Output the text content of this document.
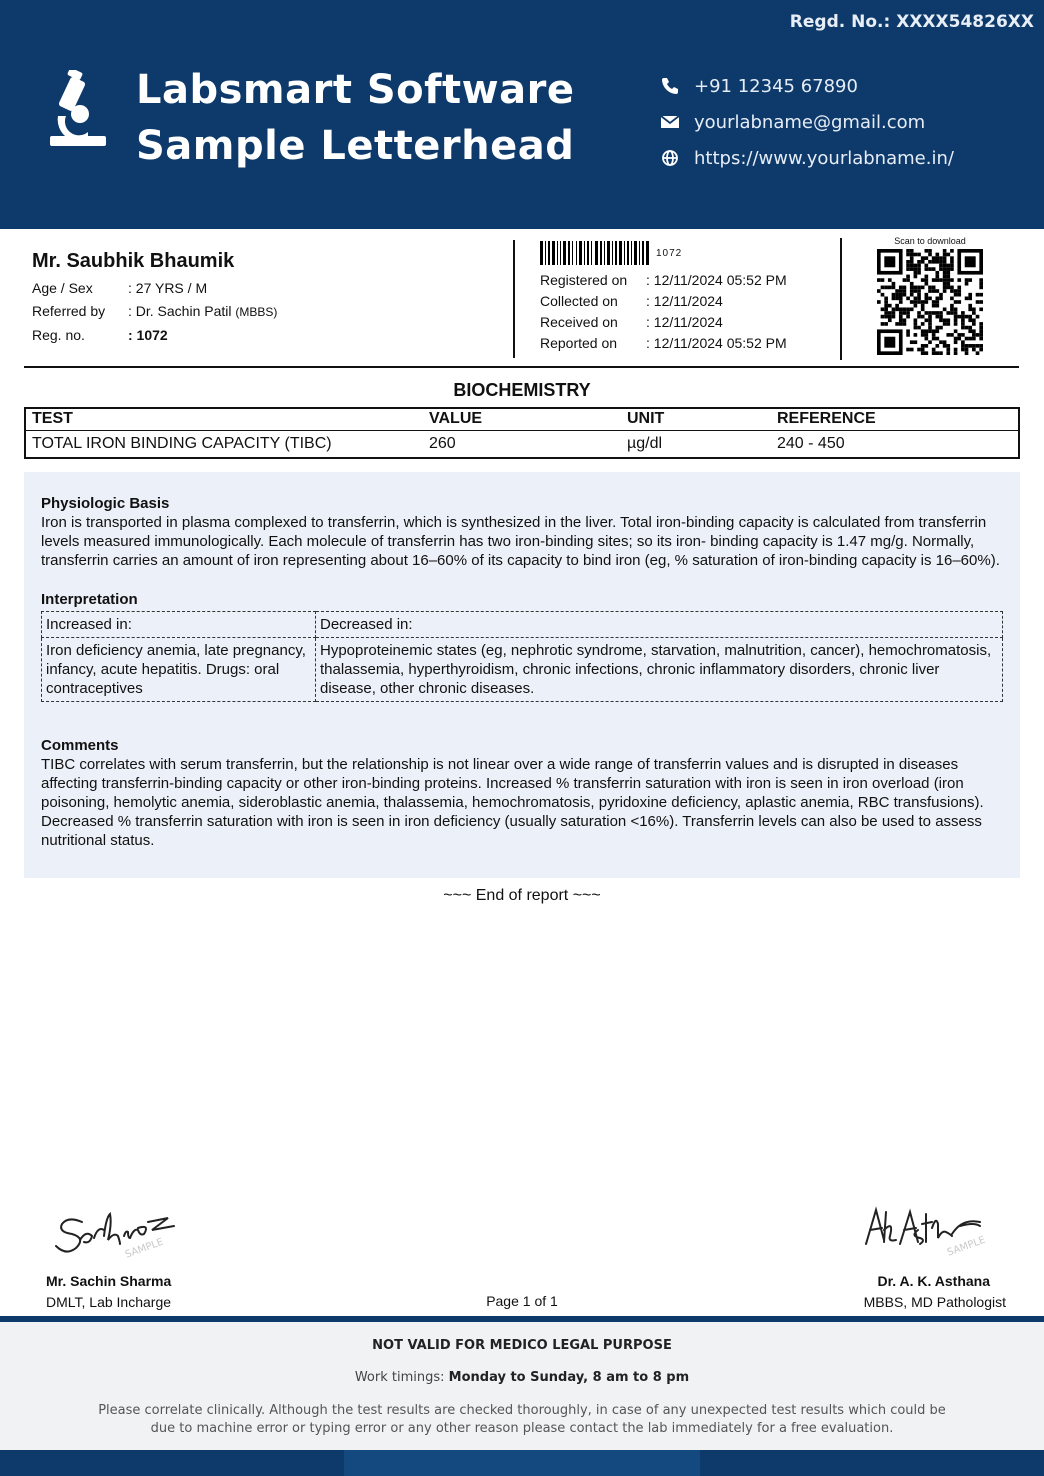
Regd. No.: XXXX54826XX
Labsmart Software
Sample Letterhead
+91 12345 67890
yourlabname@gmail.com
https://www.yourlabname.in/
Mr. Saubhik Bhaumik
Age / Sex	: 27 YRS / M
Referred by	: Dr. Sachin Patil (MBBS)
Reg. no.	: 1072
1072
Registered on	: 12/11/2024 05:52 PM
Collected on	: 12/11/2024
Received on	: 12/11/2024
Reported on	: 12/11/2024 05:52 PM
Scan to download
BIOCHEMISTRY
TEST	VALUE	UNIT	REFERENCE
TOTAL IRON BINDING CAPACITY (TIBC)	260	µg/dl	240 - 450
Physiologic Basis

Iron is transported in plasma complexed to transferrin, which is synthesized in the liver. Total iron-binding capacity is calculated from transferrin levels measured immunologically. Each molecule of transferrin has two iron-binding sites; so its iron- binding capacity is 1.47 mg/g. Normally, transferrin carries an amount of iron representing about 16–60% of its capacity to bind iron (eg, % saturation of iron-binding capacity is 16–60%).

Interpretation
Increased in:	Decreased in:
Iron deficiency anemia, late pregnancy, infancy, acute hepatitis. Drugs: oral contraceptives	Hypoproteinemic states (eg, nephrotic syndrome, starvation, malnutrition, cancer), hemochromatosis, thalassemia, hyperthyroidism, chronic infections, chronic inflammatory disorders, chronic liver disease, other chronic diseases.
Comments

TIBC correlates with serum transferrin, but the relationship is not linear over a wide range of transferrin values and is disrupted in diseases affecting transferrin-binding capacity or other iron-binding proteins. Increased % transferrin saturation with iron is seen in iron overload (iron poisoning, hemolytic anemia, sideroblastic anemia, thalassemia, hemochromatosis, pyridoxine deficiency, aplastic anemia, RBC transfusions). Decreased % transferrin saturation with iron is seen in iron deficiency (usually saturation <16%). Transferrin levels can also be used to assess nutritional status.

~~~ End of report ~~~
SAMPLE
Mr. Sachin Sharma
DMLT, Lab Incharge
SAMPLE
Dr. A. K. Asthana
MBBS, MD Pathologist
Page 1 of 1
NOT VALID FOR MEDICO LEGAL PURPOSE
Work timings: Monday to Sunday, 8 am to 8 pm
Please correlate clinically. Although the test results are checked thoroughly, in case of any unexpected test results which could be due to machine error or typing error or any other reason please contact the lab immediately for a free evaluation.
